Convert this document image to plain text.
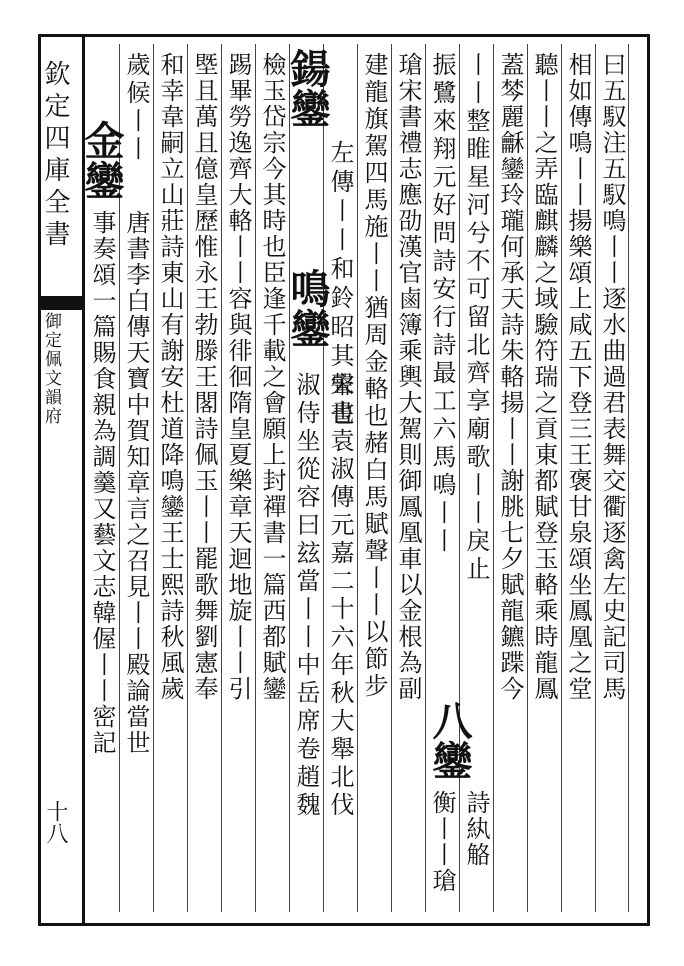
欽定四庫全書
御定佩文韻府
十八
曰五馭注五馭鳴丨丨逐水曲過君表舞交衢逐禽左史記司馬
相如傳鳴丨丨揚樂頌上咸五下登三王褒甘泉頌坐鳳凰之堂
聽丨丨之弄臨麒麟之域驗符瑞之貢東都賦登玉輅乘時龍鳳
蓋棽麗龢鑾玲瓏何承天詩朱輅揚丨丨謝朓七夕賦龍鑣蹀今
丨丨整睢星河兮不可留北齊享廟歌丨丨戾止
振鷺來翔元好問詩安行詩最工六馬鳴丨丨
瑲宋書禮志應劭漢官鹵簿乘輿大駕則御鳳凰車以金根為副
建龍旗駕四馬施丨丨猶周金輅也赭白馬賦聲丨丨以節步
鍚鑾
左傳丨丨和鈴昭其聲也
鳴鑾
宋書袁淑傳元嘉二十六年秋大舉北伐
淑侍坐從容曰玆當丨丨中岳席卷趙魏
檢玉岱宗今其時也臣逢千載之會願上封禪書一篇西都賦鑾
踢畢勞逸齊大輅丨丨容與徘徊隋皇夏樂章天迴地旋丨丨引
塈且萬且億皇歷惟永王勃滕王閣詩佩玉丨丨罷歌舞劉憲奉
和幸韋嗣立山莊詩東山有謝安杜道降鳴鑾王士熙詩秋風歲
歲候丨丨
金鑾
唐書李白傳天寶中賀知章言之召見丨丨殿論當世
事奏頌一篇賜食親為調羹又藝文志韓偓丨丨密記	八鑾
詩紈觡
衡丨丨瑲
